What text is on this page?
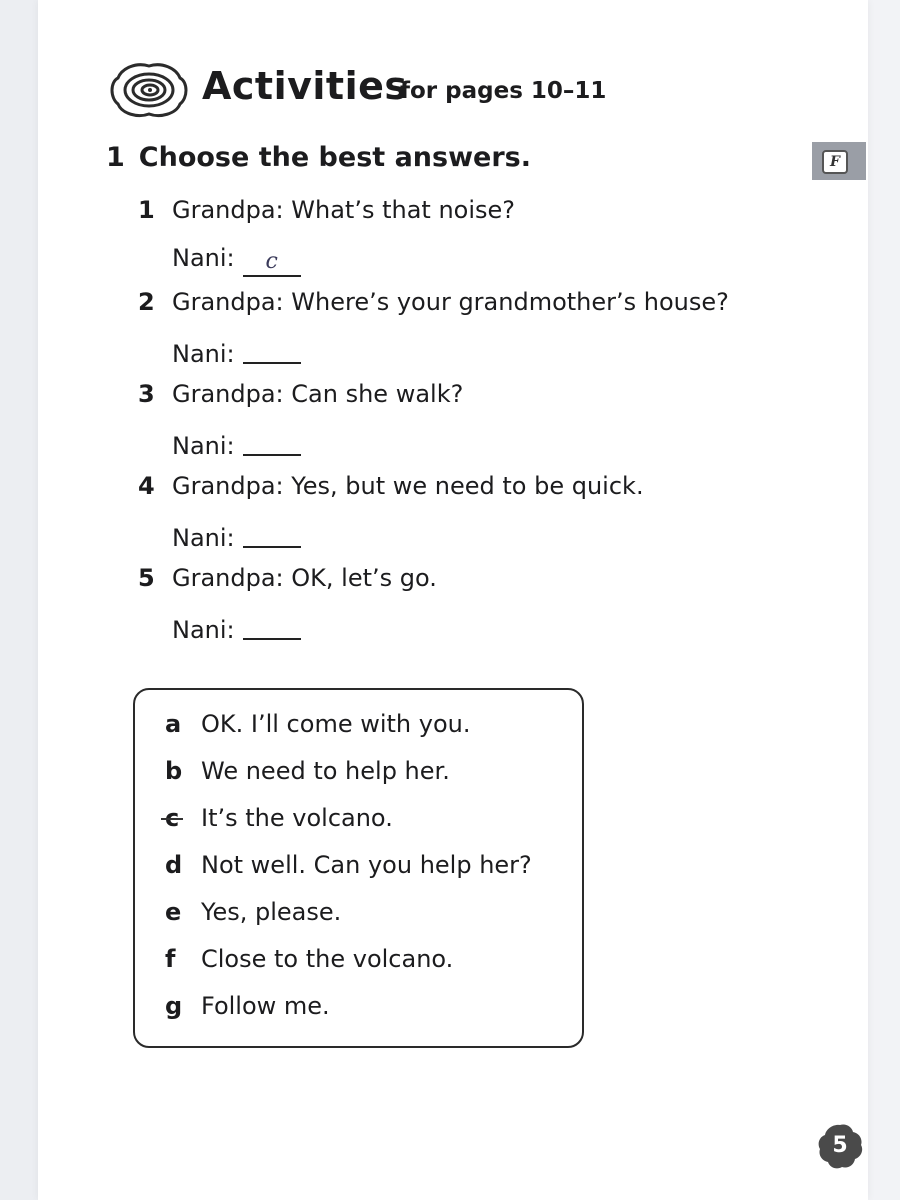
Activities
for pages 10–11
F
1 Choose the best answers.
1 Grandpa: What’s that noise?
Nani: c
2 Grandpa: Where’s your grandmother’s house?
Nani:
3 Grandpa: Can she walk?
Nani:
4 Grandpa: Yes, but we need to be quick.
Nani:
5 Grandpa: OK, let’s go.
Nani:
a OK. I’ll come with you.
b We need to help her.
c It’s the volcano.
d Not well. Can you help her?
e Yes, please.
f Close to the volcano.
g Follow me.
5
